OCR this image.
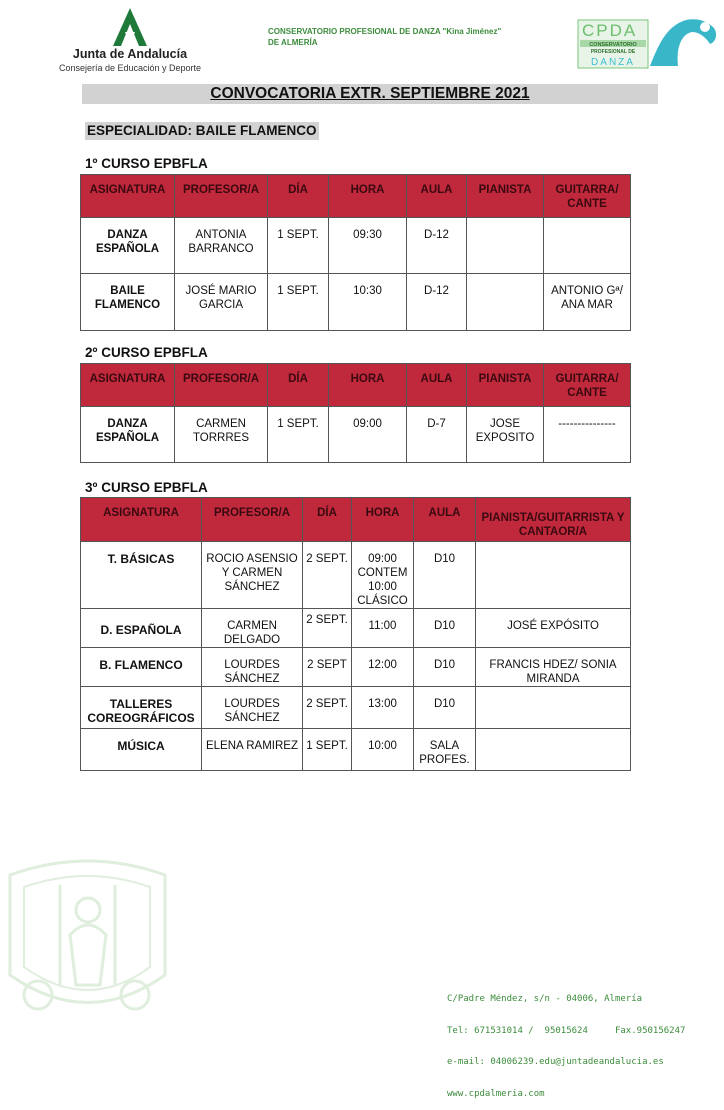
Junta de Andalucía
Consejería de Educación y Deporte
CONSERVATORIO PROFESIONAL DE DANZA "Kina Jiménez"
DE ALMERÍA
CPDA
CONSERVATORIO
PROFESIONAL DE
DANZA
CONVOCATORIA EXTR. SEPTIEMBRE 2021
ESPECIALIDAD: BAILE FLAMENCO
1º CURSO EPBFLA
ASIGNATURA	PROFESOR/A	DÍA	HORA	AULA	PIANISTA	GUITARRA/ CANTE
DANZA ESPAÑOLA	ANTONIA BARRANCO	1 SEPT.	09:30	D-12		
BAILE FLAMENCO	JOSÉ MARIO GARCIA	1 SEPT.	10:30	D-12		ANTONIO Gª/ ANA MAR
2º CURSO EPBFLA
ASIGNATURA	PROFESOR/A	DÍA	HORA	AULA	PIANISTA	GUITARRA/ CANTE
DANZA ESPAÑOLA	CARMEN TORRRES	1 SEPT.	09:00	D-7	JOSE EXPOSITO	---------------
3º CURSO EPBFLA
ASIGNATURA	PROFESOR/A	DÍA	HORA	AULA	PIANISTA/GUITARRISTA Y CANTAOR/A
T. BÁSICAS	ROCIO ASENSIO Y CARMEN SÁNCHEZ	2 SEPT.	09:00 CONTEM 10:00 CLÁSICO	D10	
D. ESPAÑOLA	CARMEN DELGADO	2 SEPT.	11:00	D10	JOSÉ EXPÓSITO
B. FLAMENCO	LOURDES SÁNCHEZ	2 SEPT	12:00	D10	FRANCIS HDEZ/ SONIA MIRANDA
TALLERES COREOGRÁFICOS	LOURDES SÁNCHEZ	2 SEPT.	13:00	D10	
MÚSICA	ELENA RAMIREZ	1 SEPT.	10:00	SALA PROFES.	

C/Padre Méndez, s/n - 04006, Almería

Tel: 671531014 /  95015624     Fax.950156247

e-mail: 04006239.edu@juntadeandalucia.es

www.cpdalmeria.com
